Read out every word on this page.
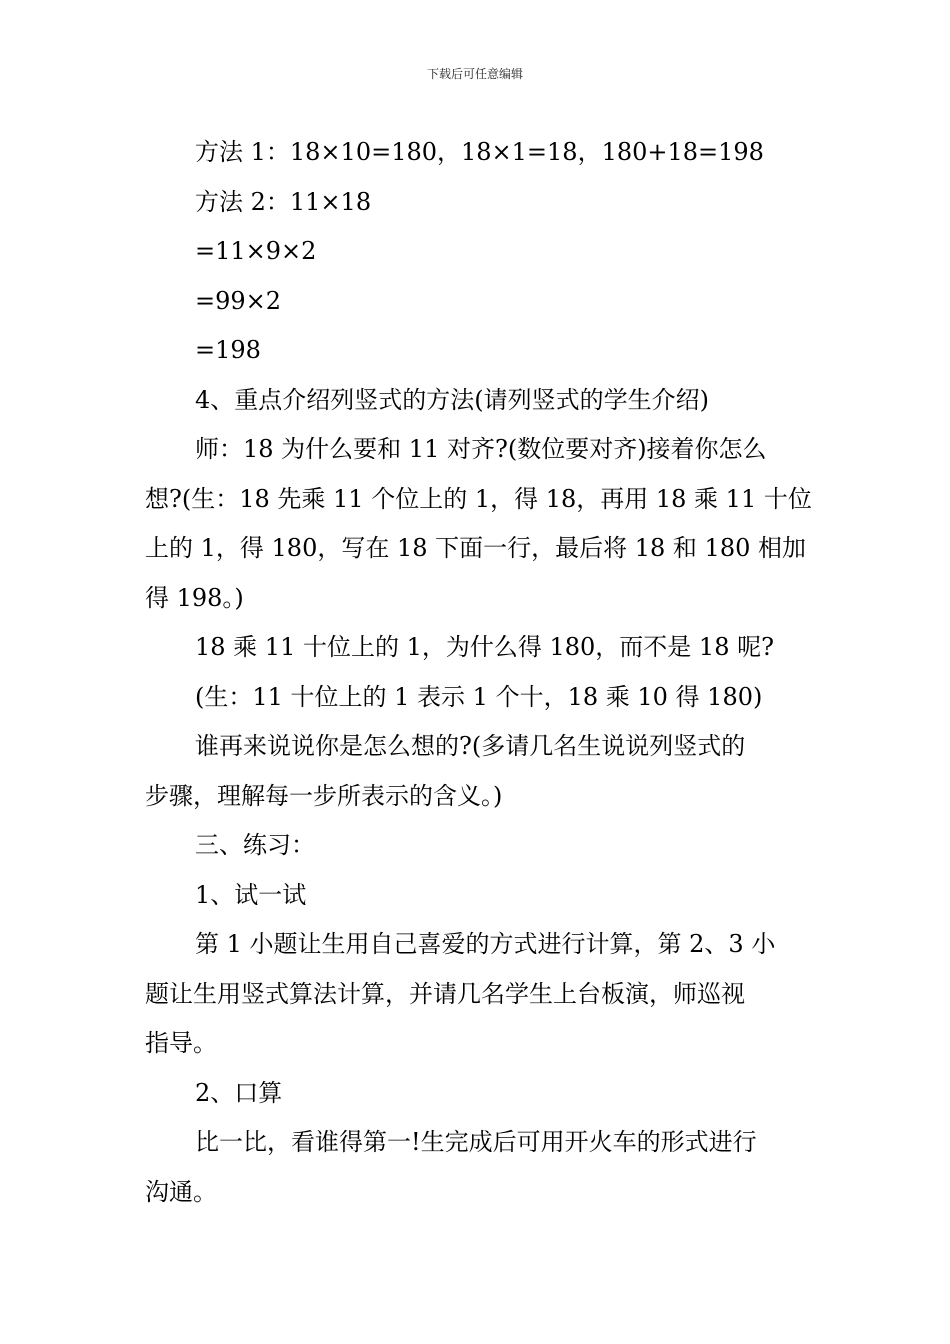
下载后可任意编辑

方法 1：18×10=180，18×1=18，180+18=198

方法 2：11×18

=11×9×2

=99×2

=198

4、重点介绍列竖式的方法(请列竖式的学生介绍)

师：18 为什么要和 11 对齐?(数位要对齐)接着你怎么

想?(生：18 先乘 11 个位上的 1，得 18，再用 18 乘 11 十位

上的 1，得 180，写在 18 下面一行，最后将 18 和 180 相加

得 198。)

18 乘 11 十位上的 1，为什么得 180，而不是 18 呢?

(生：11 十位上的 1 表示 1 个十，18 乘 10 得 180)

谁再来说说你是怎么想的?(多请几名生说说列竖式的

步骤，理解每一步所表示的含义。)

三、练习：

1、试一试

第 1 小题让生用自己喜爱的方式进行计算，第 2、3 小

题让生用竖式算法计算，并请几名学生上台板演，师巡视

指导。

2、口算

比一比，看谁得第一!生完成后可用开火车的形式进行

沟通。
